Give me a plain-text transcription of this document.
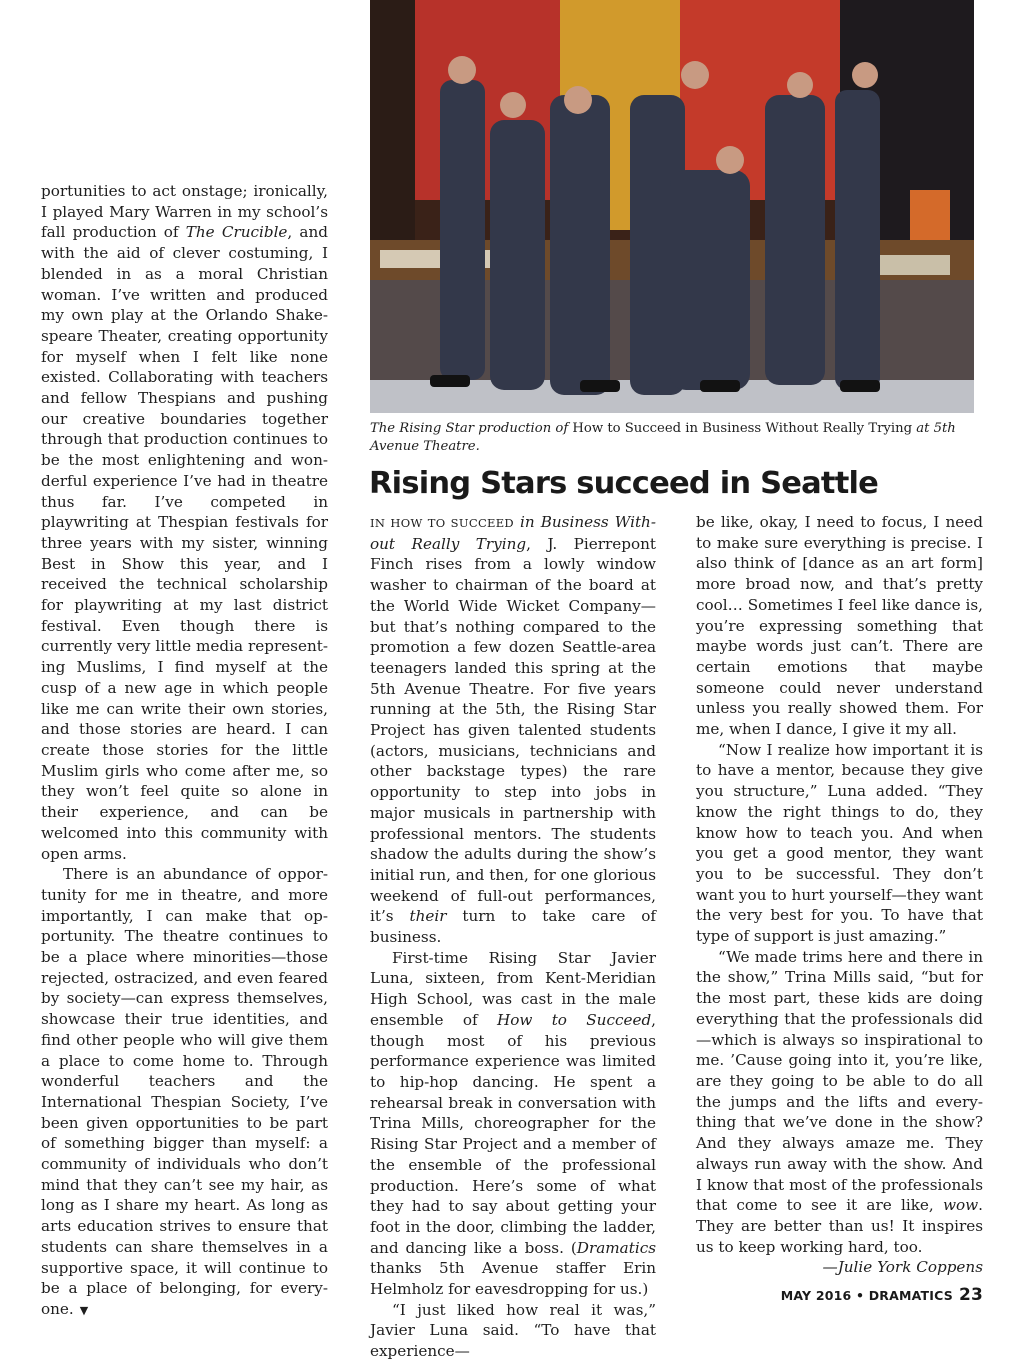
portunities to act onstage; ironically, I played Mary Warren in my school’s fall production of The Crucible, and with the aid of clever costuming, I blended in as a moral Christian woman. I’ve written and produced my own play at the Orlando Shakespeare Theater, creating opportunity for myself when I felt like none existed. Collaborating with teachers and fellow Thespians and pushing our creative boundaries together through that production continues to be the most enlightening and wonderful experience I’ve had in theatre thus far. I’ve competed in playwriting at Thespian festivals for three years with my sister, winning Best in Show this year, and I received the technical scholarship for playwriting at my last district festival. Even though there is currently very little media representing Muslims, I find myself at the cusp of a new age in which people like me can write their own stories, and those stories are heard. I can create those stories for the little Muslim girls who come after me, so they won’t feel quite so alone in their experience, and can be welcomed into this community with open arms.

There is an abundance of opportunity for me in theatre, and more importantly, I can make that opportunity. The theatre continues to be a place where minorities—those rejected, ostracized, and even feared by society—can express themselves, showcase their true identities, and find other people who will give them a place to come home to. Through wonderful teachers and the International Thespian Society, I’ve been given opportunities to be part of something bigger than myself: a community of individuals who don’t mind that they can’t see my hair, as long as I share my heart. As long as arts education strives to ensure that students can share themselves in a supportive space, it will continue to be a place of belonging, for everyone. ▼

The Rising Star production of How to Succeed in Business Without Really Trying at 5th Avenue Theatre.
Rising Stars succeed in Seattle

IN HOW TO SUCCEED in Business Without Really Trying, J. Pierrepont Finch rises from a lowly window washer to chairman of the board at the World Wide Wicket Company—but that’s nothing compared to the promotion a few dozen Seattle-area teenagers landed this spring at the 5th Avenue Theatre. For five years running at the 5th, the Rising Star Project has given talented students (actors, musicians, technicians and other backstage types) the rare opportunity to step into jobs in major musicals in partnership with professional mentors. The students shadow the adults during the show’s initial run, and then, for one glorious weekend of full-out performances, it’s their turn to take care of business.

First-time Rising Star Javier Luna, sixteen, from Kent-Meridian High School, was cast in the male ensemble of How to Succeed, though most of his previous performance experience was limited to hip-hop dancing. He spent a rehearsal break in conversation with Trina Mills, choreographer for the Rising Star Project and a member of the ensemble of the professional production. Here’s some of what they had to say about getting your foot in the door, climbing the ladder, and dancing like a boss. (Dramatics thanks 5th Avenue staffer Erin Helmholz for eavesdropping for us.)

“I just liked how real it was,” Javier Luna said. “To have that experience—

be like, okay, I need to focus, I need to make sure everything is precise. I also think of [dance as an art form] more broad now, and that’s pretty cool… Sometimes I feel like dance is, you’re expressing something that maybe words just can’t. There are certain emotions that maybe someone could never understand unless you really showed them. For me, when I dance, I give it my all.

“Now I realize how important it is to have a mentor, because they give you structure,” Luna added. “They know the right things to do, they know how to teach you. And when you get a good mentor, they want you to be successful. They don’t want you to hurt yourself—they want the very best for you. To have that type of support is just amazing.”

“We made trims here and there in the show,” Trina Mills said, “but for the most part, these kids are doing everything that the professionals did—which is always so inspirational to me. ’Cause going into it, you’re like, are they going to be able to do all the jumps and the lifts and everything that we’ve done in the show? And they always amaze me. They always run away with the show. And I know that most of the professionals that come to see it are like, wow. They are better than us! It inspires us to keep working hard, too.

—Julie York Coppens

MAY 2016 • DRAMATICS 23
